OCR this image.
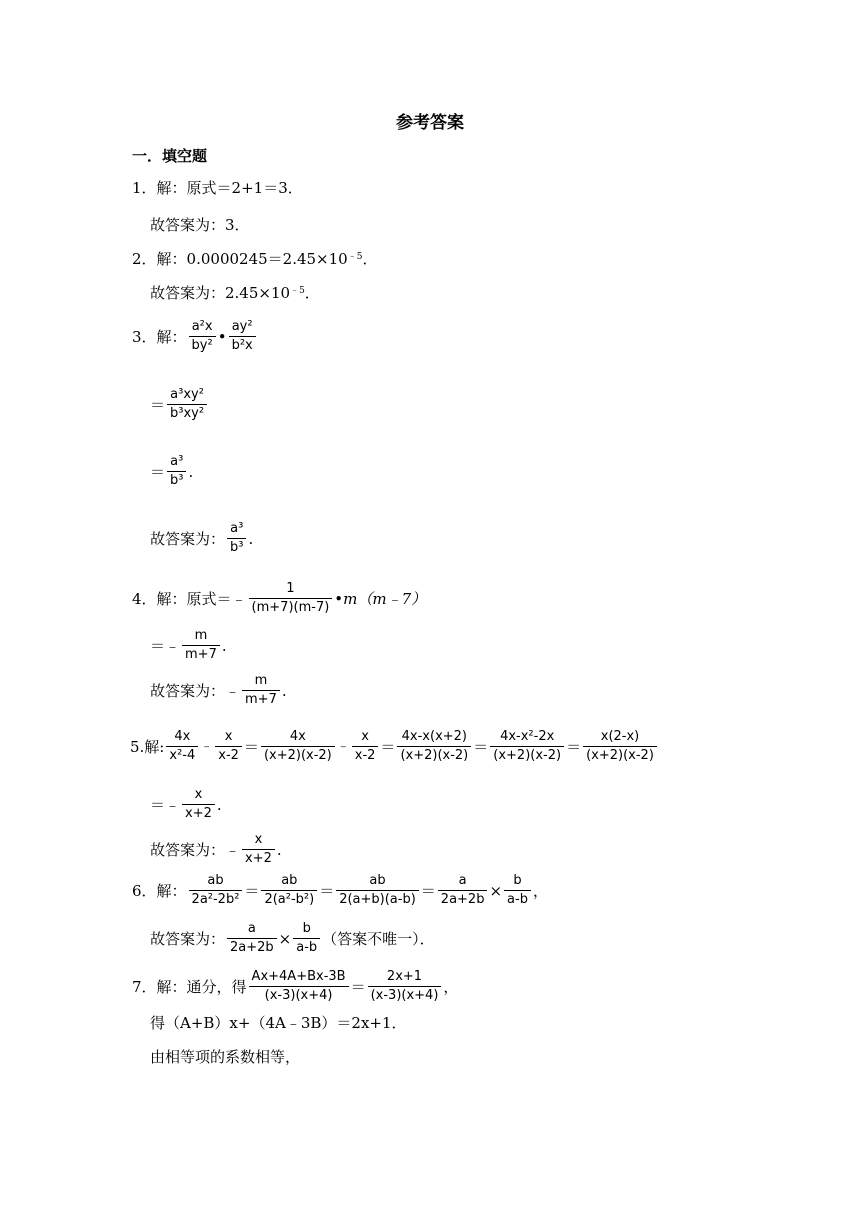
参考答案
一．填空题
1．解：原式＝2+1＝3．
故答案为：3．
2．解：$0.0000245=2.45\times 10^{﹣5}$．
故答案为：$2.45\times 10^{﹣5}$．
3．解： $\frac{\text{a²x}}{\text{by²}}$ • $\frac{\text{ay²}}{\text{b²x}}$
＝ $\frac{\text{a³xy²}}{\text{b³xy²}}$
＝ $\frac{\text{a³}}{\text{b³}}$ .
故答案为： $\frac{\text{a³}}{\text{b³}}$ .
4．解：原式＝﹣ $\frac{1}{(m+7)(m-7)}$ •m（m﹣7）
＝﹣ $\frac{m}{m+7}$ .
故答案为：﹣ $\frac{m}{m+7}$ .
5.解: $\frac{4x}{\text{x²-4}}$ ﹣ $\frac{x}{x-2} = \frac{4x}{(x+2)(x-2)}$ ﹣ $\frac{x}{x-2} = \frac{4x-x(x+2)}{(x+2)(x-2)} = \frac{\text{4x-x²-2x}}{(x+2)(x-2)} = \frac{x(2-x)}{(x+2)(x-2)}$
＝﹣ $\frac{x}{x+2}$ .
故答案为：﹣ $\frac{x}{x+2}$ .
6．解： $\frac{ab}{\text{2a²-2b²}} = \frac{ab}{\text{2(a²-b²)}} = \frac{ab}{2(a+b)(a-b)} = \frac{a}{2a+2b} \times \frac{b}{a-b}$ ，
故答案为： $\frac{a}{2a+2b} \times \frac{b}{a-b}$ （答案不唯一）．
7．解：通分，得 $\frac{Ax+4A+Bx-3B}{(x-3)(x+4)} = \frac{2x+1}{(x-3)(x+4)}$ ，
得（A+B）x+（4A﹣3B）＝2x+1．
由相等项的系数相等，
